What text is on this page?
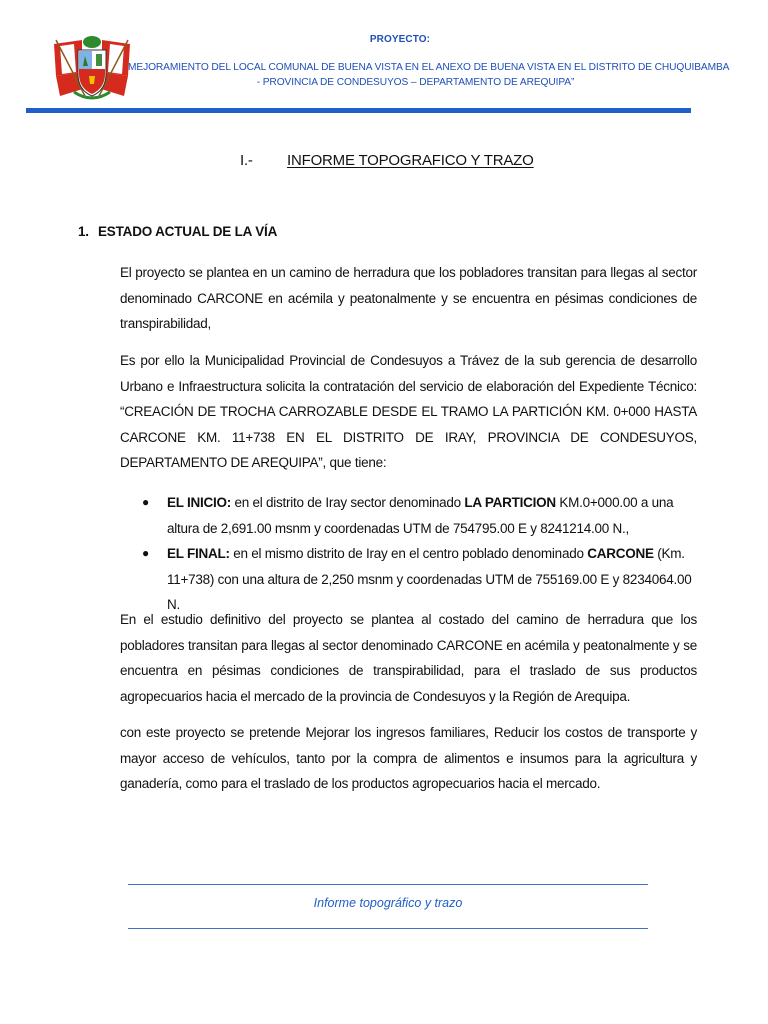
PROYECTO:
MEJORAMIENTO DEL LOCAL COMUNAL DE BUENA VISTA EN EL ANEXO DE BUENA VISTA EN EL DISTRITO DE CHUQUIBAMBA
- PROVINCIA DE CONDESUYOS – DEPARTAMENTO DE AREQUIPA”
I.- INFORME TOPOGRAFICO Y TRAZO
1. ESTADO ACTUAL DE LA VÍA
El proyecto se plantea en un camino de herradura que los pobladores transitan para llegas al sector denominado CARCONE en acémila y peatonalmente y se encuentra en pésimas condiciones de transpirabilidad,
Es por ello la Municipalidad Provincial de Condesuyos a Trávez de la sub gerencia de desarrollo Urbano e Infraestructura solicita la contratación del servicio de elaboración del Expediente Técnico: “CREACIÓN DE TROCHA CARROZABLE DESDE EL TRAMO LA PARTICIÓN KM. 0+000 HASTA CARCONE KM. 11+738 EN EL DISTRITO DE IRAY, PROVINCIA DE CONDESUYOS, DEPARTAMENTO DE AREQUIPA”, que tiene:
● EL INICIO: en el distrito de Iray sector denominado LA PARTICION KM.0+000.00 a una altura de 2,691.00 msnm y coordenadas UTM de 754795.00 E y 8241214.00 N.,
● EL FINAL: en el mismo distrito de Iray en el centro poblado denominado CARCONE (Km. 11+738) con una altura de 2,250 msnm y coordenadas UTM de 755169.00 E y 8234064.00 N.
En el estudio definitivo del proyecto se plantea al costado del camino de herradura que los pobladores transitan para llegas al sector denominado CARCONE en acémila y peatonalmente y se encuentra en pésimas condiciones de transpirabilidad, para el traslado de sus productos agropecuarios hacia el mercado de la provincia de Condesuyos y la Región de Arequipa.
con este proyecto se pretende Mejorar los ingresos familiares, Reducir los costos de transporte y mayor acceso de vehículos, tanto por la compra de alimentos e insumos para la agricultura y ganadería, como para el traslado de los productos agropecuarios hacia el mercado.
Informe topográfico y trazo
